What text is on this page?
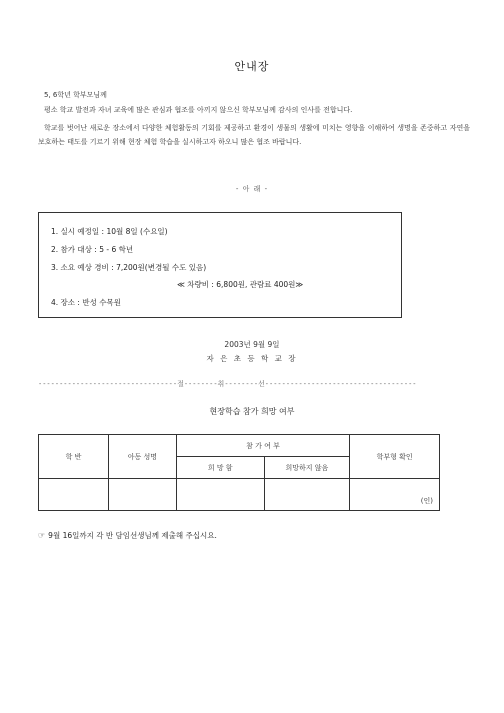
안내장
5, 6학년 학부모님께
평소 학교 발전과 자녀 교육에 많은 관심과 협조를 아끼지 않으신 학부모님께 감사의 인사를 전합니다.
학교를 벗어난 새로운 장소에서 다양한 체험활동의 기회를 제공하고 환경이 생물의 생활에 미치는 영향을 이해하여 생명을 존중하고 자연을 보호하는 태도를 기르기 위해 현장 체험 학습을 실시하고자 하오니 많은 협조 바랍니다.
- 아 래 -
1. 실시 예정일 : 10월 8일 (수요일)
2. 참가 대상 : 5 - 6 학년
3. 소요 예상 경비 : 7,200원(변경될 수도 있음)
≪ 차량비 : 6,800원, 관람료 400원≫
4. 장소 : 반성 수목원
2003년 9월 9일
자 은 초 등 학 교 장
---------------------------------절--------취--------선------------------------------------
현장학습 참가 희망 여부
학 반	아동 성명	참 가 여 부		학부형 확인
		희 망 함	희망하지 않음	
				(인)
☞ 9월 16일까지 각 반 담임선생님께 제출해 주십시요.
